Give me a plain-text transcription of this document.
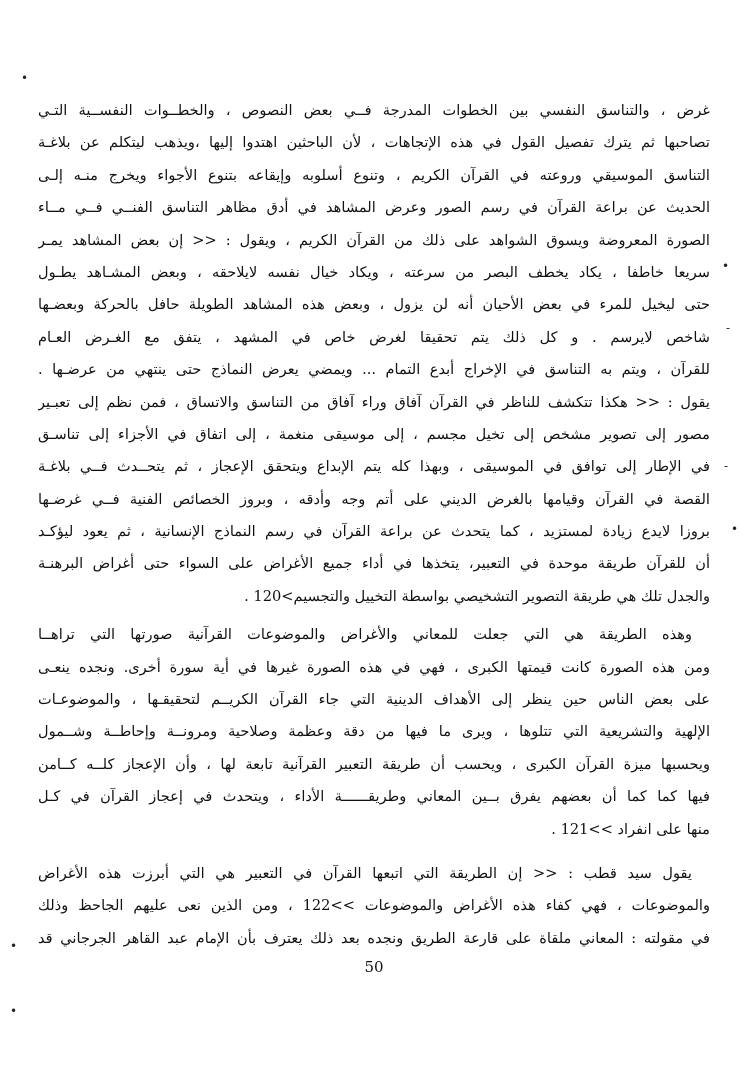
•
•
-
-
•
•
•
غرض ، والتناسق النفسي بين الخطوات المدرجة فــي بعض النصوص ، والخطــوات النفســية التـي
تصاحبها ثم يترك تفصيل القول في هذه الإتجاهات ، لأن الباحثين اهتدوا إليها ،ويذهب ليتكلم عن بلاغـة
التناسق الموسيقي وروعته في القرآن الكريم ، وتنوع أسلوبه وإيقاعه بتنوع الأجواء ويخرج منـه إلـى
الحديث عن براعة القرآن في رسم الصور وعرض المشاهد في أدق مظاهر التناسق الفنــي فــي مــاء
الصورة المعروضة ويسوق الشواهد على ذلك من القرآن الكريم ، ويقول : << إن بعض المشاهد يمـر
سريعا خاطفا ، يكاد يخطف البصر من سرعته ، ويكاد خيال نفسه لايلاحقه ، وبعض المشـاهد يطـول
حتى ليخيل للمرء في بعض الأحيان أنه لن يزول ، وبعض هذه المشاهد الطويلة حافل بالحركة وبعضـها
شاخص لايرسم . و كل ذلك يتم تحقيقا لغرض خاص في المشهد ، يتفق مع الغـرض العـام
للقرآن ، ويتم به التناسق في الإخراج أبدع التمام ... ويمضي يعرض النماذج حتى ينتهي من عرضـها .
يقول : << هكذا تتكشف للناظر في القرآن آفاق وراء آفاق من التناسق والاتساق ، فمن نظم إلى تعبـير
مصور إلى تصوير مشخص إلى تخيل مجسم ، إلى موسيقى منغمة ، إلى اتفاق في الأجزاء إلى تناسـق
في الإطار إلى توافق في الموسيقى ، وبهذا كله يتم الإبداع ويتحقق الإعجاز ، ثم يتحــدث فــي بلاغـة
القصة في القرآن وقيامها بالغرض الديني على أتم وجه وأدقه ، وبروز الخصائص الفنية فــي غرضـها
بروزا لايدع زيادة لمستزيد ، كما يتحدث عن براعة القرآن في رسم النماذج الإنسانية ، ثم يعود ليؤكـد
أن للقرآن طريقة موحدة في التعبير، يتخذها في أداء جميع الأغراض على السواء حتى أغراض البرهنـة
والجدل تلك هي طريقة التصوير التشخيصي بواسطة التخييل والتجسيم>120 .
وهذه الطريقة هي التي جعلت للمعاني والأغراض والموضوعات القرآنية صورتها التي تراهــا
ومن هذه الصورة كانت قيمتها الكبرى ، فهي في هذه الصورة غيرها في أية سورة أخرى. ونجده ينعـى
على بعض الناس حين ينظر إلى الأهداف الدينية التي جاء القرآن الكريــم لتحقيقـها ، والموضوعـات
الإلهية والتشريعية التي تتلوها ، ويرى ما فيها من دقة وعظمة وصلاحية ومرونــة وإحاطــة وشــمول
ويحسبها ميزة القرآن الكبرى ، ويحسب أن طريقة التعبير القرآنية تابعة لها ، وأن الإعجاز كلــه كــامن
فيها كما كما أن بعضهم يفرق بــين المعاني وطريقــــــة الأداء ، ويتحدث في إعجاز القرآن في كـل
منها على انفراد >>121 .
يقول سيد قطب : << إن الطريقة التي اتبعها القرآن في التعبير هي التي أبرزت هذه الأغراض
والموضوعات ، فهي كفاء هذه الأغراض والموضوعات >>122 ، ومن الذين نعى عليهم الجاحظ وذلك
في مقولته : المعاني ملقاة على قارعة الطريق ونجده بعد ذلك يعترف بأن الإمام عبد القاهر الجرجاني قد
50
